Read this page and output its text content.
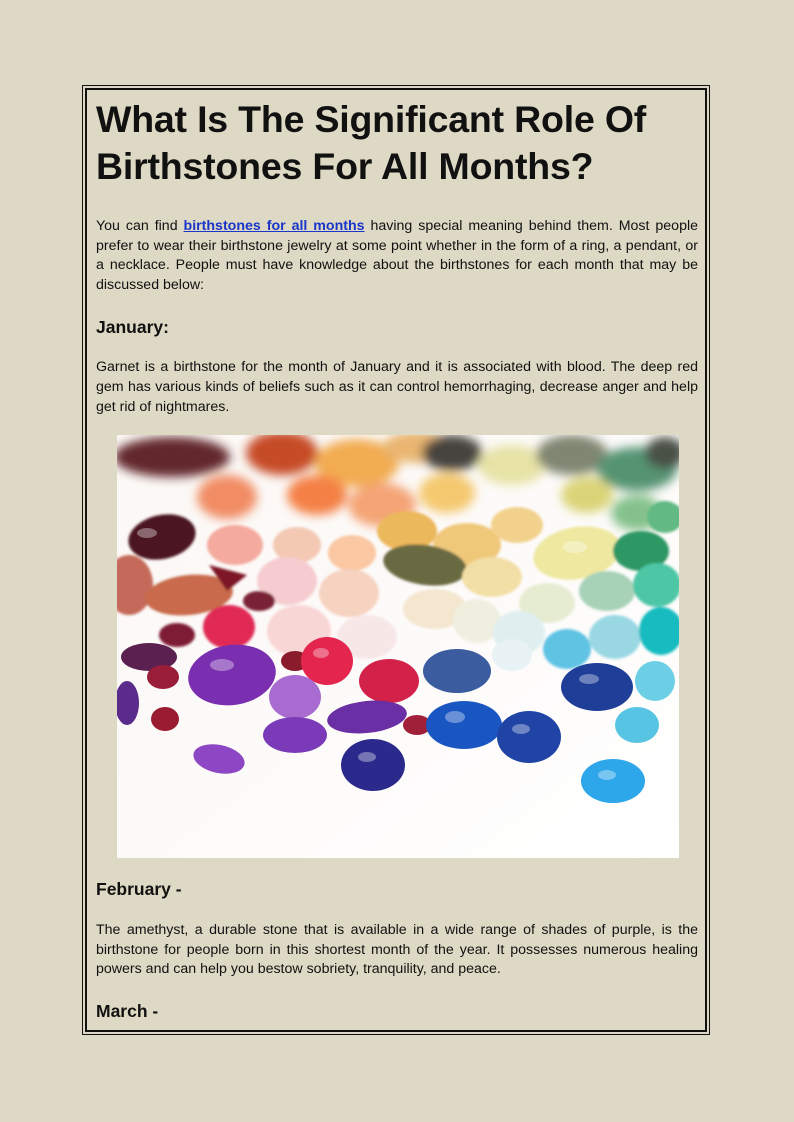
What Is The Significant Role Of Birthstones For All Months?

You can find birthstones for all months having special meaning behind them. Most people prefer to wear their birthstone jewelry at some point whether in the form of a ring, a pendant, or a necklace. People must have knowledge about the birthstones for each month that may be discussed below:

January:

Garnet is a birthstone for the month of January and it is associated with blood. The deep red gem has various kinds of beliefs such as it can control hemorrhaging, decrease anger and help get rid of nightmares.

February -

The amethyst, a durable stone that is available in a wide range of shades of purple, is the birthstone for people born in this shortest month of the year. It possesses numerous healing powers and can help you bestow sobriety, tranquility, and peace.

March -
